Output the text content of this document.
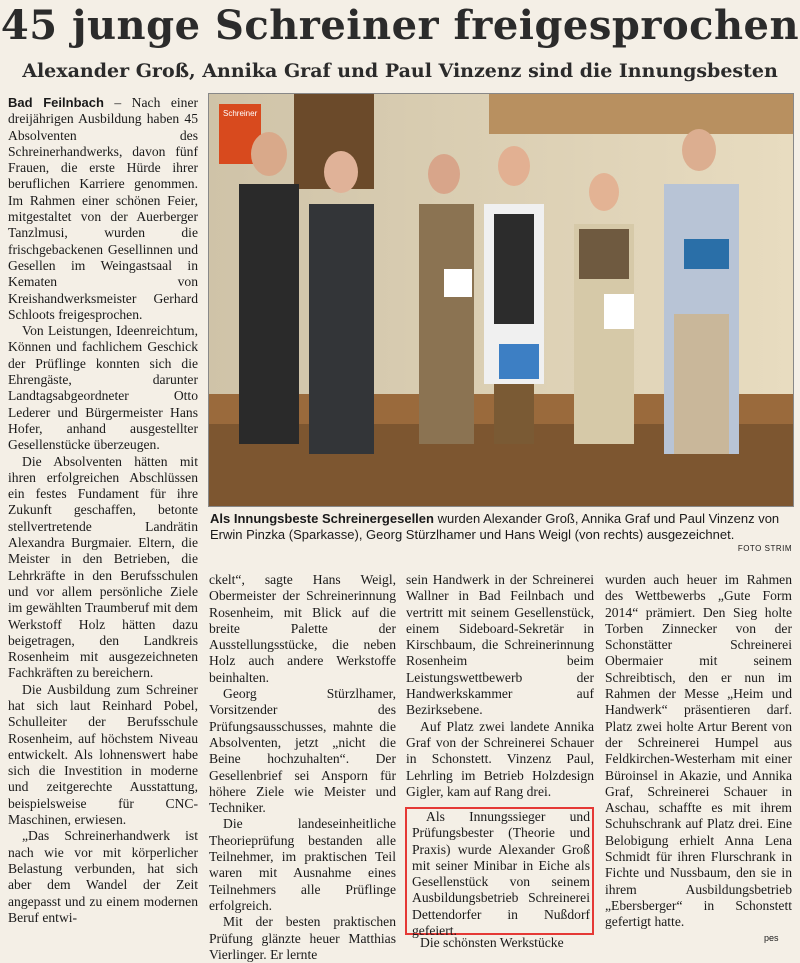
45 junge Schreiner freigesprochen
Alexander Groß, Annika Graf und Paul Vinzenz sind die Innungsbesten

Bad Feilnbach – Nach einer dreijährigen Ausbildung haben 45 Absolventen des Schreinerhandwerks, davon fünf Frauen, die erste Hürde ihrer beruflichen Karriere genommen. Im Rahmen einer schönen Feier, mitgestaltet von der Auerberger Tanzlmusi, wurden die frischgebackenen Gesellinnen und Gesellen im Weingastsaal in Kematen von Kreishandwerksmeister Gerhard Schloots freigesprochen.

Von Leistungen, Ideenreichtum, Können und fachlichem Geschick der Prüflinge konnten sich die Ehrengäste, darunter Landtagsabgeordneter Otto Lederer und Bürgermeister Hans Hofer, anhand ausgestellter Gesellenstücke überzeugen.

Die Absolventen hätten mit ihren erfolgreichen Abschlüssen ein festes Fundament für ihre Zukunft geschaffen, betonte stellvertretende Landrätin Alexandra Burgmaier. Eltern, die Meister in den Betrieben, die Lehrkräfte in den Berufsschulen und vor allem persönliche Ziele im gewählten Traumberuf mit dem Werkstoff Holz hätten dazu beigetragen, den Landkreis Rosenheim mit ausgezeichneten Fachkräften zu bereichern.

Die Ausbildung zum Schreiner hat sich laut Reinhard Pobel, Schulleiter der Berufsschule Rosenheim, auf höchstem Niveau entwickelt. Als lohnenswert habe sich die Investition in moderne und zeitgerechte Ausstattung, beispielsweise für CNC-Maschinen, erwiesen.

„Das Schreinerhandwerk ist nach wie vor mit körperlicher Belastung verbunden, hat sich aber dem Wandel der Zeit angepasst und zu einem modernen Beruf entwi-

Schreiner
Als Innungsbeste Schreinergesellen wurden Alexander Groß, Annika Graf und Paul Vinzenz von Erwin Pinzka (Sparkasse), Georg Stürzlhamer und Hans Weigl (von rechts) ausgezeichnet.
FOTO STRIM

ckelt“, sagte Hans Weigl, Obermeister der Schreinerinnung Rosenheim, mit Blick auf die breite Palette der Ausstellungsstücke, die neben Holz auch andere Werkstoffe beinhalten.

Georg Stürzlhamer, Vorsitzender des Prüfungsausschusses, mahnte die Absolventen, jetzt „nicht die Beine hochzuhalten“. Der Gesellenbrief sei Ansporn für höhere Ziele wie Meister und Techniker.

Die landeseinheitliche Theorieprüfung bestanden alle Teilnehmer, im praktischen Teil waren mit Ausnahme eines Teilnehmers alle Prüflinge erfolgreich.

Mit der besten praktischen Prüfung glänzte heuer Matthias Vierlinger. Er lernte

sein Handwerk in der Schreinerei Wallner in Bad Feilnbach und vertritt mit seinem Gesellenstück, einem Sideboard-Sekretär in Kirschbaum, die Schreinerinnung Rosenheim beim Leistungswettbewerb der Handwerkskammer auf Bezirksebene.

Auf Platz zwei landete Annika Graf von der Schreinerei Schauer in Schonstett. Vinzenz Paul, Lehrling im Betrieb Holzdesign Gigler, kam auf Rang drei.

Als Innungssieger und Prüfungsbester (Theorie und Praxis) wurde Alexander Groß mit seiner Minibar in Eiche als Gesellenstück von seinem Ausbildungsbetrieb Schreinerei Dettendorfer in Nußdorf gefeiert.
Die schönsten Werkstücke

wurden auch heuer im Rahmen des Wettbewerbs „Gute Form 2014“ prämiert. Den Sieg holte Torben Zinnecker von der Schonstätter Schreinerei Obermaier mit seinem Schreibtisch, den er nun im Rahmen der Messe „Heim und Handwerk“ präsentieren darf. Platz zwei holte Artur Berent von der Schreinerei Humpel aus Feldkirchen-Westerham mit einer Büroinsel in Akazie, und Annika Graf, Schreinerei Schauer in Aschau, schaffte es mit ihrem Schuhschrank auf Platz drei. Eine Belobigung erhielt Anna Lena Schmidt für ihren Flurschrank in Fichte und Nussbaum, den sie in ihrem Ausbildungsbetrieb „Ebersberger“ in Schonstett gefertigt hatte.

pes
